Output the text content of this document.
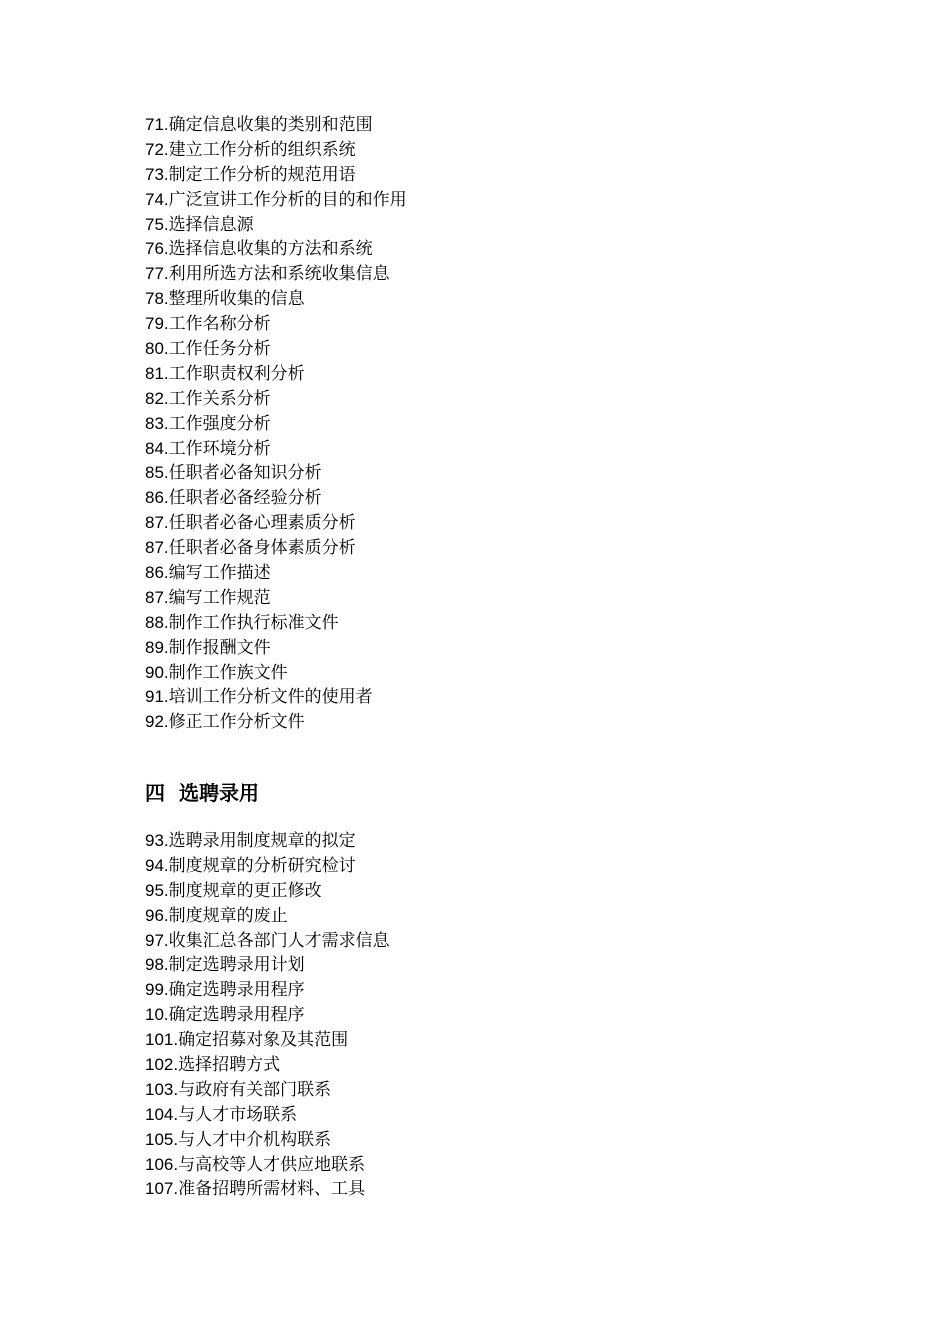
71.确定信息收集的类别和范围
72.建立工作分析的组织系统
73.制定工作分析的规范用语
74.广泛宣讲工作分析的目的和作用
75.选择信息源
76.选择信息收集的方法和系统
77.利用所选方法和系统收集信息
78.整理所收集的信息
79.工作名称分析
80.工作任务分析
81.工作职责权利分析
82.工作关系分析
83.工作强度分析
84.工作环境分析
85.任职者必备知识分析
86.任职者必备经验分析
87.任职者必备心理素质分析
87.任职者必备身体素质分析
86.编写工作描述
87.编写工作规范
88.制作工作执行标准文件
89.制作报酬文件
90.制作工作族文件
91.培训工作分析文件的使用者
92.修正工作分析文件
四 选聘录用
93.选聘录用制度规章的拟定
94.制度规章的分析研究检讨
95.制度规章的更正修改
96.制度规章的废止
97.收集汇总各部门人才需求信息
98.制定选聘录用计划
99.确定选聘录用程序
10.确定选聘录用程序
101.确定招募对象及其范围
102.选择招聘方式
103.与政府有关部门联系
104.与人才市场联系
105.与人才中介机构联系
106.与高校等人才供应地联系
107.准备招聘所需材料、工具
